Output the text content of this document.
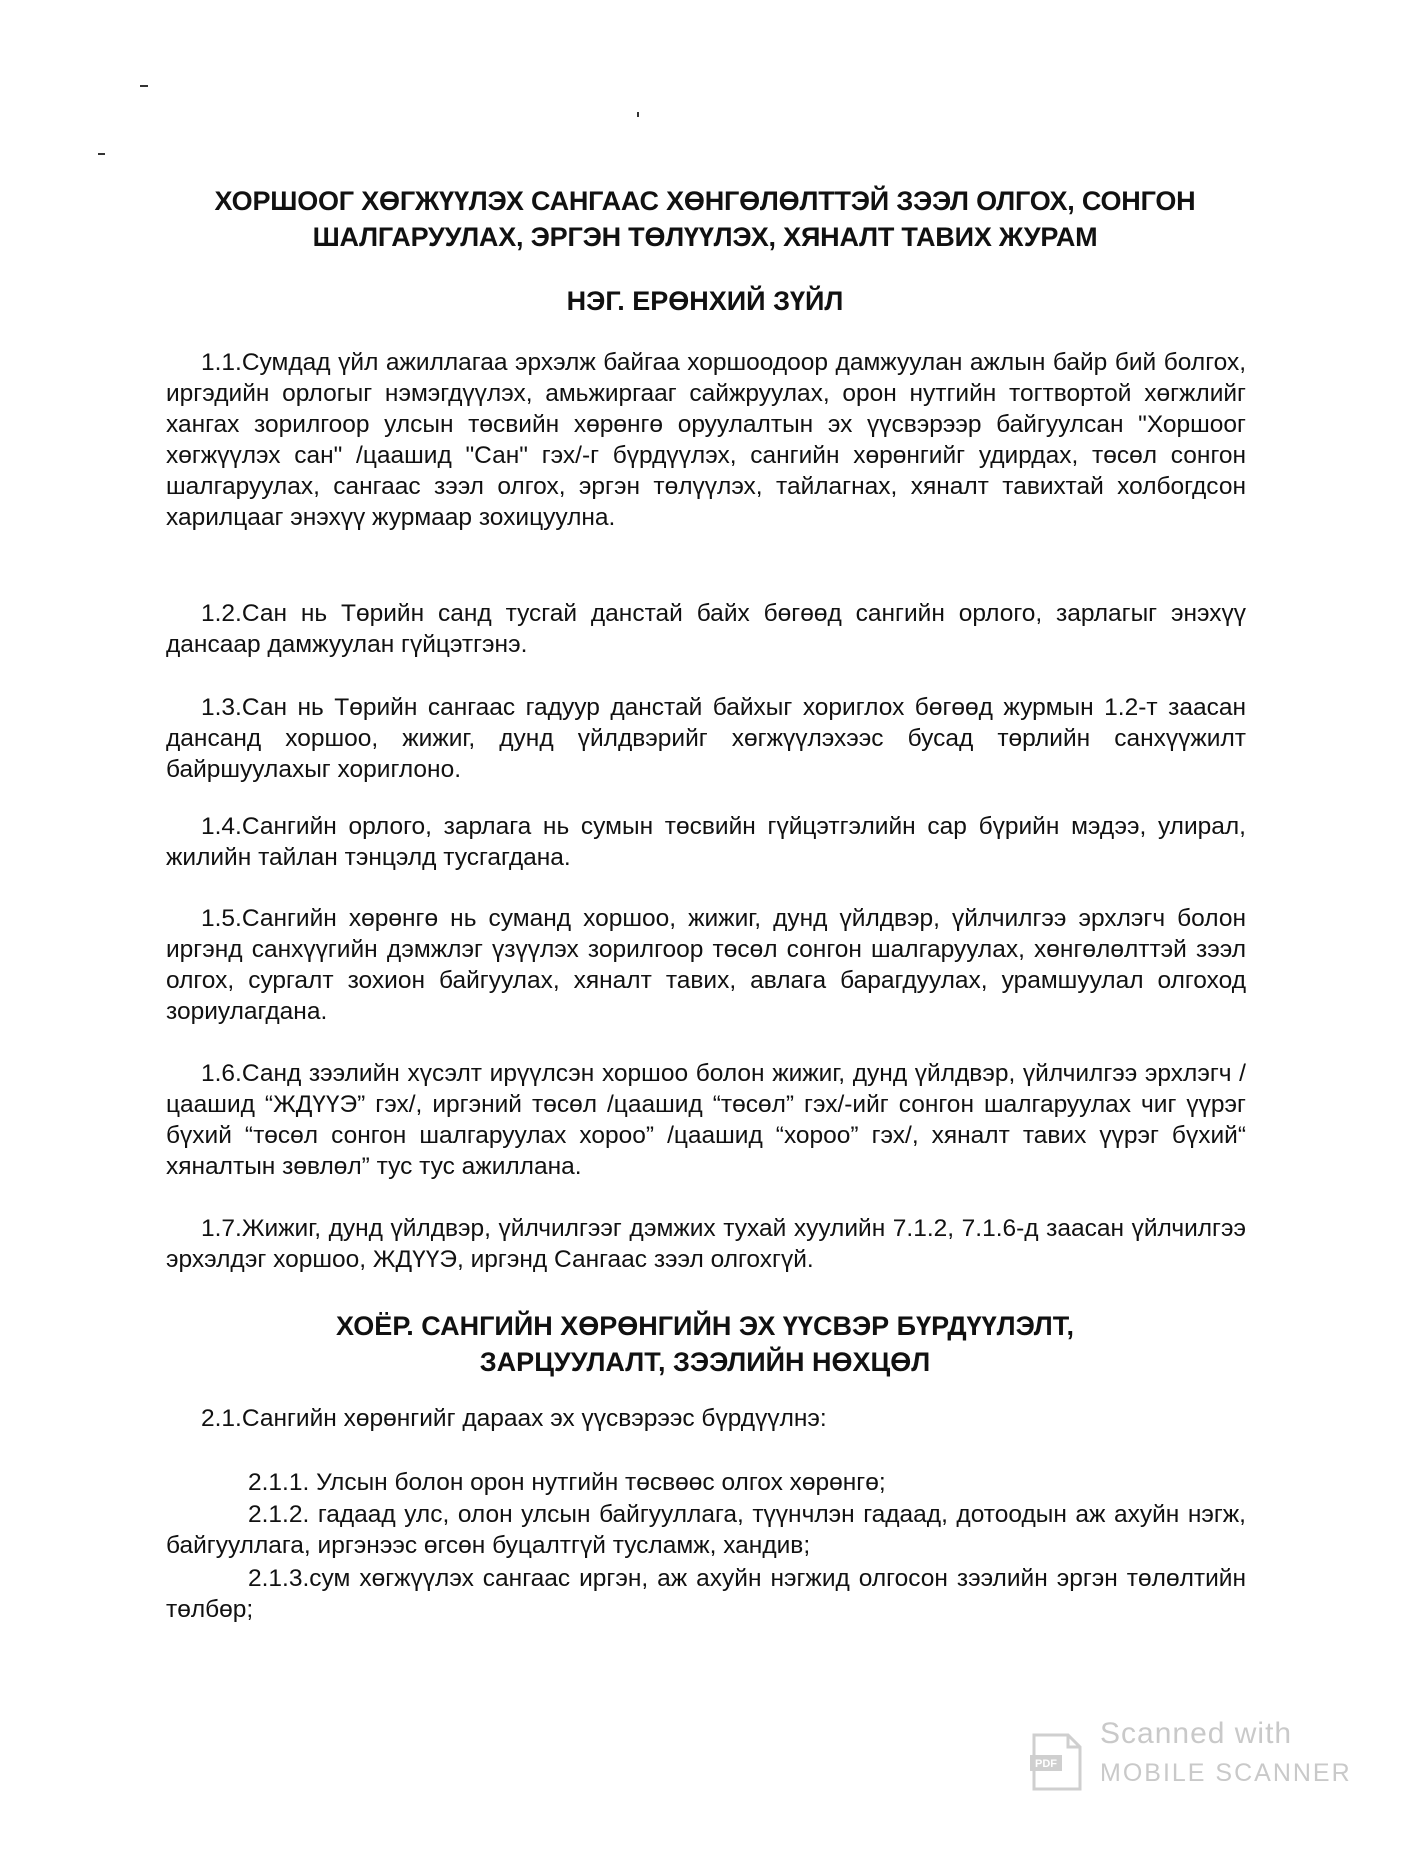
ХОРШООГ ХӨГЖҮҮЛЭХ САНГААС ХӨНГӨЛӨЛТТЭЙ ЗЭЭЛ ОЛГОХ, СОНГОН
ШАЛГАРУУЛАХ, ЭРГЭН ТӨЛҮҮЛЭХ, ХЯНАЛТ ТАВИХ ЖУРАМ
НЭГ. ЕРӨНХИЙ ЗҮЙЛ

1.1.Сумдад үйл ажиллагаа эрхэлж байгаа хоршоодоор дамжуулан ажлын байр бий болгох, иргэдийн орлогыг нэмэгдүүлэх, амьжиргааг сайжруулах, орон нутгийн тогтвортой хөгжлийг хангах зорилгоор улсын төсвийн хөрөнгө оруулалтын эх үүсвэрээр байгуулсан "Хоршоог хөгжүүлэх сан" /цаашид "Сан" гэх/-г бүрдүүлэх, сангийн хөрөнгийг удирдах, төсөл сонгон шалгаруулах, сангаас зээл олгох, эргэн төлүүлэх, тайлагнах, хяналт тавихтай холбогдсон харилцааг энэхүү журмаар зохицуулна.

1.2.Сан нь Төрийн санд тусгай данстай байх бөгөөд сангийн орлого, зарлагыг энэхүү дансаар дамжуулан гүйцэтгэнэ.

1.3.Сан нь Төрийн сангаас гадуур данстай байхыг хориглох бөгөөд журмын 1.2-т заасан дансанд хоршоо, жижиг, дунд үйлдвэрийг хөгжүүлэхээс бусад төрлийн санхүүжилт байршуулахыг хориглоно.

1.4.Сангийн орлого, зарлага нь сумын төсвийн гүйцэтгэлийн сар бүрийн мэдээ, улирал, жилийн тайлан тэнцэлд тусгагдана.

1.5.Сангийн хөрөнгө нь суманд хоршоо, жижиг, дунд үйлдвэр, үйлчилгээ эрхлэгч болон иргэнд санхүүгийн дэмжлэг үзүүлэх зорилгоор төсөл сонгон шалгаруулах, хөнгөлөлттэй зээл олгох, сургалт зохион байгуулах, хяналт тавих, авлага барагдуулах, урамшуулал олгоход зориулагдана.

1.6.Санд зээлийн хүсэлт ирүүлсэн хоршоо болон жижиг, дунд үйлдвэр, үйлчилгээ эрхлэгч /цаашид “ЖДҮҮЭ” гэх/, иргэний төсөл /цаашид “төсөл” гэх/-ийг сонгон шалгаруулах чиг үүрэг бүхий “төсөл сонгон шалгаруулах хороо” /цаашид “хороо” гэх/, хяналт тавих үүрэг бүхий“ хяналтын зөвлөл” тус тус ажиллана.

1.7.Жижиг, дунд үйлдвэр, үйлчилгээг дэмжих тухай хуулийн 7.1.2, 7.1.6-д заасан үйлчилгээ эрхэлдэг хоршоо, ЖДҮҮЭ, иргэнд Сангаас зээл олгохгүй.

ХОЁР. САНГИЙН ХӨРӨНГИЙН ЭХ ҮҮСВЭР БҮРДҮҮЛЭЛТ,
ЗАРЦУУЛАЛТ, ЗЭЭЛИЙН НӨХЦӨЛ

2.1.Сангийн хөрөнгийг дараах эх үүсвэрээс бүрдүүлнэ:

2.1.1. Улсын болон орон нутгийн төсвөөс олгох хөрөнгө;

2.1.2. гадаад улс, олон улсын байгууллага, түүнчлэн гадаад, дотоодын аж ахуйн нэгж, байгууллага, иргэнээс өгсөн буцалтгүй тусламж, хандив;

2.1.3.сум хөгжүүлэх сангаас иргэн, аж ахуйн нэгжид олгосон зээлийн эргэн төлөлтийн төлбөр;

PDF
Scanned with
MOBILE SCANNER
